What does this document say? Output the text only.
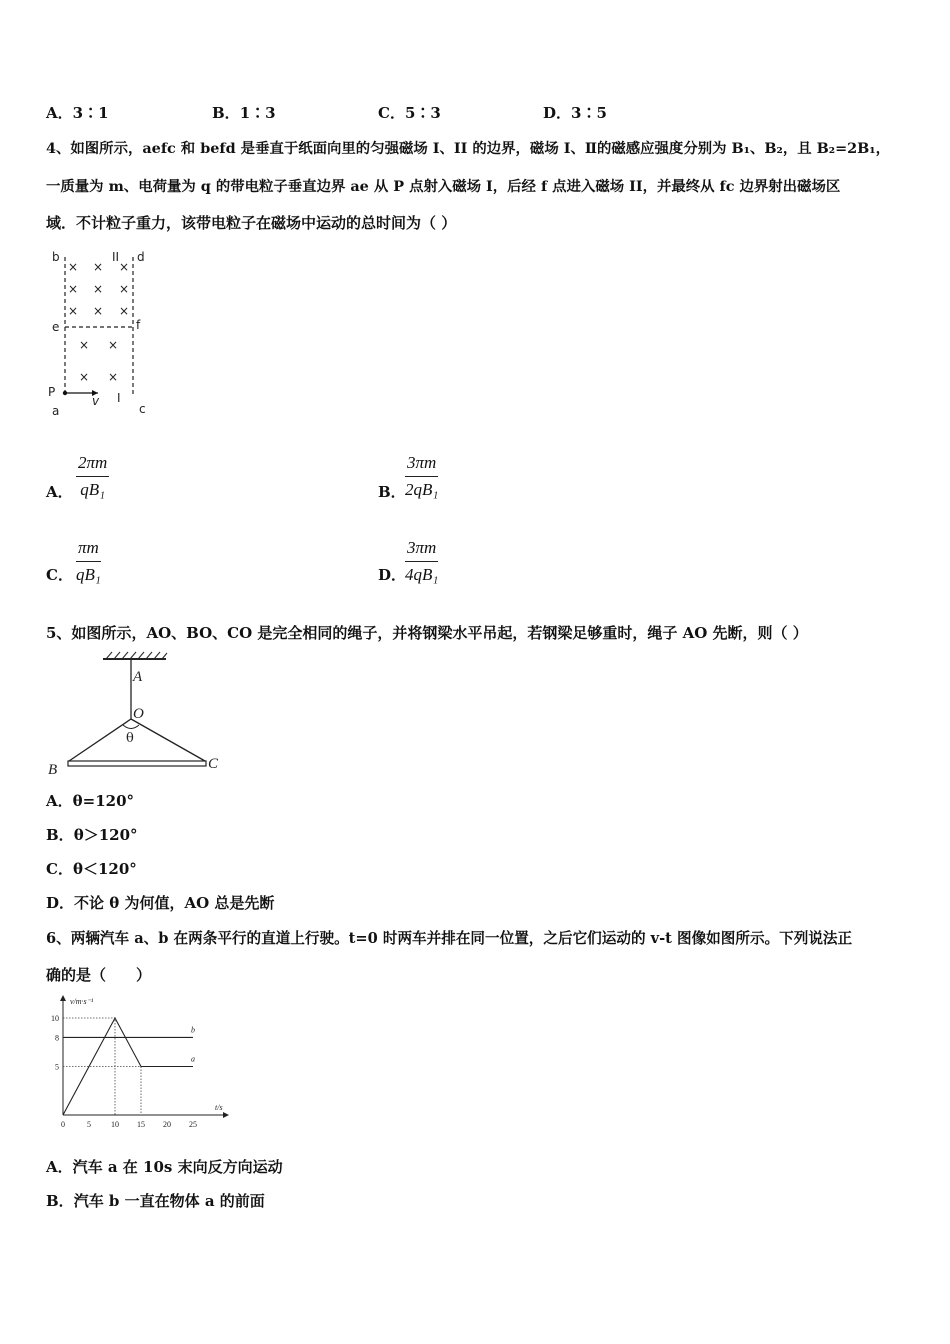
A．3∶1	B．1∶3	C．5∶3	D．3∶5
4、如图所示，aefc 和 befd 是垂直于纸面向里的匀强磁场 I、II 的边界，磁场 I、Ⅱ的磁感应强度分别为 B₁、B₂，且 B₂=2B₁，
一质量为 m、电荷量为 q 的带电粒子垂直边界 ae 从 P 点射入磁场 I，后经 f 点进入磁场 II，并最终从 fc 边界射出磁场区
域．不计粒子重力，该带电粒子在磁场中运动的总时间为（ ）
b	II d
e	f
P
a
v I
c
× × ×
× × ×
× × ×
× ×
× ×
A． $\frac{2\pi m}{\text{qB₁}}$	B． $\frac{3\pi m}{\text{2qB₁}}$
C． $\frac{\pi m}{\text{qB₁}}$	D．
$\frac{3\pi m}{\text{4qB₁}}$
5、如图所示，AO、BO、CO 是完全相同的绳子，并将钢梁水平吊起，若钢梁足够重时，绳子 AO 先断，则（ ）
A
O
B	C
θ
A．θ=120°
B．θ＞120°
C．θ＜120°
D．不论 θ 为何值，AO 总是先断
6、两辆汽车 a、b 在两条平行的直道上行驶。t=0 时两车并排在同一位置，之后它们运动的 v-t 图像如图所示。下列说法正
确的是（　　）
a
b
0	5	10 15 20 25
5
8
10
v/m·s⁻¹
t/s
A．汽车 a 在 10s 末向反方向运动
B．汽车 b 一直在物体 a 的前面
